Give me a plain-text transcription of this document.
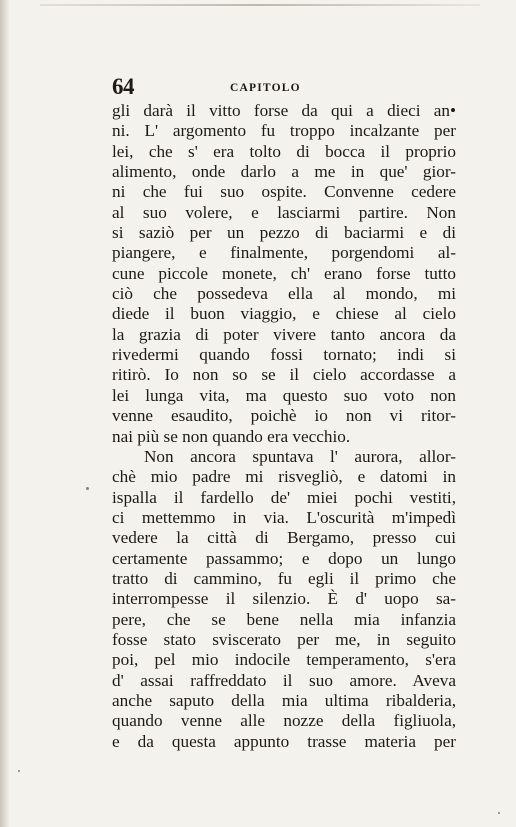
64	CAPITOLO
gli darà il vitto forse da qui a dieci an•
ni. L' argomento fu troppo incalzante per
lei, che s' era tolto di bocca il proprio
alimento, onde darlo a me in que' gior-
ni che fui suo ospite. Convenne cedere
al suo volere, e lasciarmi partire. Non
si saziò per un pezzo di baciarmi e di
piangere, e finalmente, porgendomi al-
cune piccole monete, ch' erano forse tutto
ciò che possedeva ella al mondo, mi
diede il buon viaggio, e chiese al cielo
la grazia di poter vivere tanto ancora da
rivedermi quando fossi tornato; indi si
ritirò. Io non so se il cielo accordasse a
lei lunga vita, ma questo suo voto non
venne esaudito, poichè io non vi ritor-
nai più se non quando era vecchio.
Non ancora spuntava l' aurora, allor-
chè mio padre mi risvegliò, e datomi in
ispalla il fardello de' miei pochi vestiti,
ci mettemmo in via. L'oscurità m'impedì
vedere la città di Bergamo, presso cui
certamente passammo; e dopo un lungo
tratto di cammino, fu egli il primo che
interrompesse il silenzio. È d' uopo sa-
pere, che se bene nella mia infanzia
fosse stato sviscerato per me, in seguito
poi, pel mio indocile temperamento, s'era
d' assai raffreddato il suo amore. Aveva
anche saputo della mia ultima ribalderia,
quando venne alle nozze della figliuola,
e da questa appunto trasse materia per
